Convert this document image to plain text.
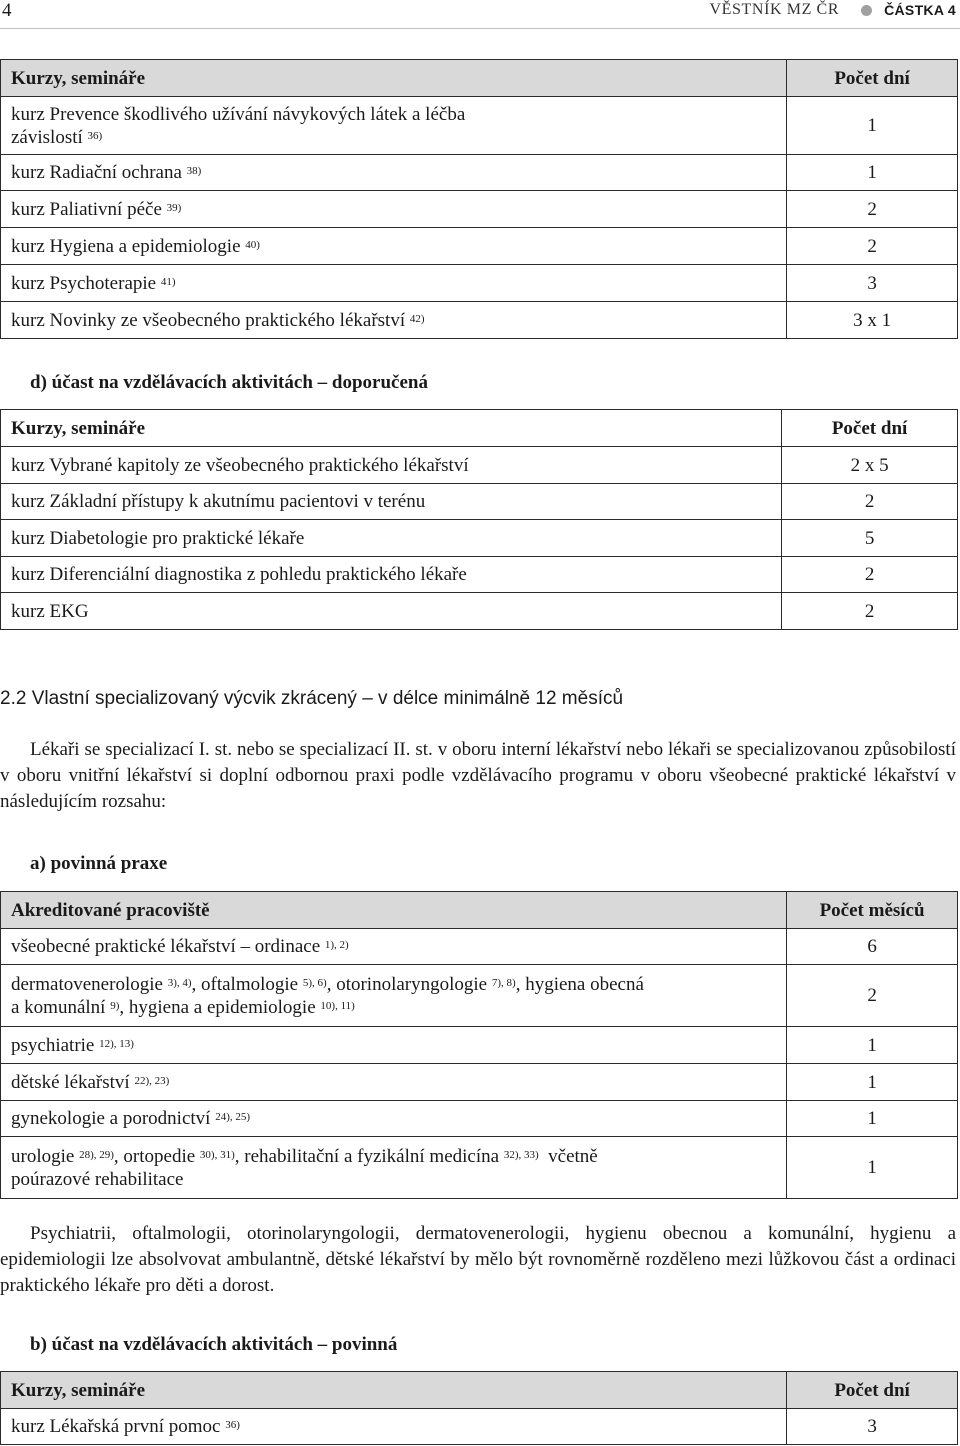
4	VĚSTNÍK MZ ČR	ČÁSTKA 4
Kurzy, semináře	Počet dní
kurz Prevence škodlivého užívání návykových látek a léčba
závislostí $^{36)}$	1
kurz Radiační ochrana $^{38)}$	1
kurz Paliativní péče $^{39)}$	2
kurz Hygiena a epidemiologie $^{40)}$	2
kurz Psychoterapie $^{41)}$	3
kurz Novinky ze všeobecného praktického lékařství $^{42)}$	3 x 1
d) účast na vzdělávacích aktivitách – doporučená
Kurzy, semináře	Počet dní
kurz Vybrané kapitoly ze všeobecného praktického lékařství	2 x 5
kurz Základní přístupy k akutnímu pacientovi v terénu	2
kurz Diabetologie pro praktické lékaře	5
kurz Diferenciální diagnostika z pohledu praktického lékaře	2
kurz EKG	2
2.2 Vlastní specializovaný výcvik zkrácený – v délce minimálně 12 měsíců
Lékaři se specializací I. st. nebo se specializací II. st. v oboru interní lékařství nebo lékaři se specializovanou způsobilostí v oboru vnitřní lékařství si doplní odbornou praxi podle vzdělávacího programu v oboru všeobecné praktické lékařství v následujícím rozsahu:
a) povinná praxe
Akreditované pracoviště	Počet měsíců
všeobecné praktické lékařství – ordinace $^{1), 2)}$	6
dermatovenerologie $^{3), 4)}$, oftalmologie $^{5), 6)}$, otorinolaryngologie $^{7), 8)}$, hygiena obecná
a komunální $^{9)}$, hygiena a epidemiologie $^{10), 11)}$	2
psychiatrie $^{12), 13)}$	1
dětské lékařství $^{22), 23)}$	1
gynekologie a porodnictví $^{24), 25)}$	1
urologie $^{28), 29)}$, ortopedie $^{30), 31)}$, rehabilitační a fyzikální medicína $^{32), 33)}$ včetně
poúrazové rehabilitace	1
Psychiatrii, oftalmologii, otorinolaryngologii, dermatovenerologii, hygienu obecnou a komunální, hygienu a epidemiologii lze absolvovat ambulantně, dětské lékařství by mělo být rovnoměrně rozděleno mezi lůžkovou část a ordinaci praktického lékaře pro děti a dorost.
b) účast na vzdělávacích aktivitách – povinná
Kurzy, semináře	Počet dní
kurz Lékařská první pomoc $^{36)}$	3
